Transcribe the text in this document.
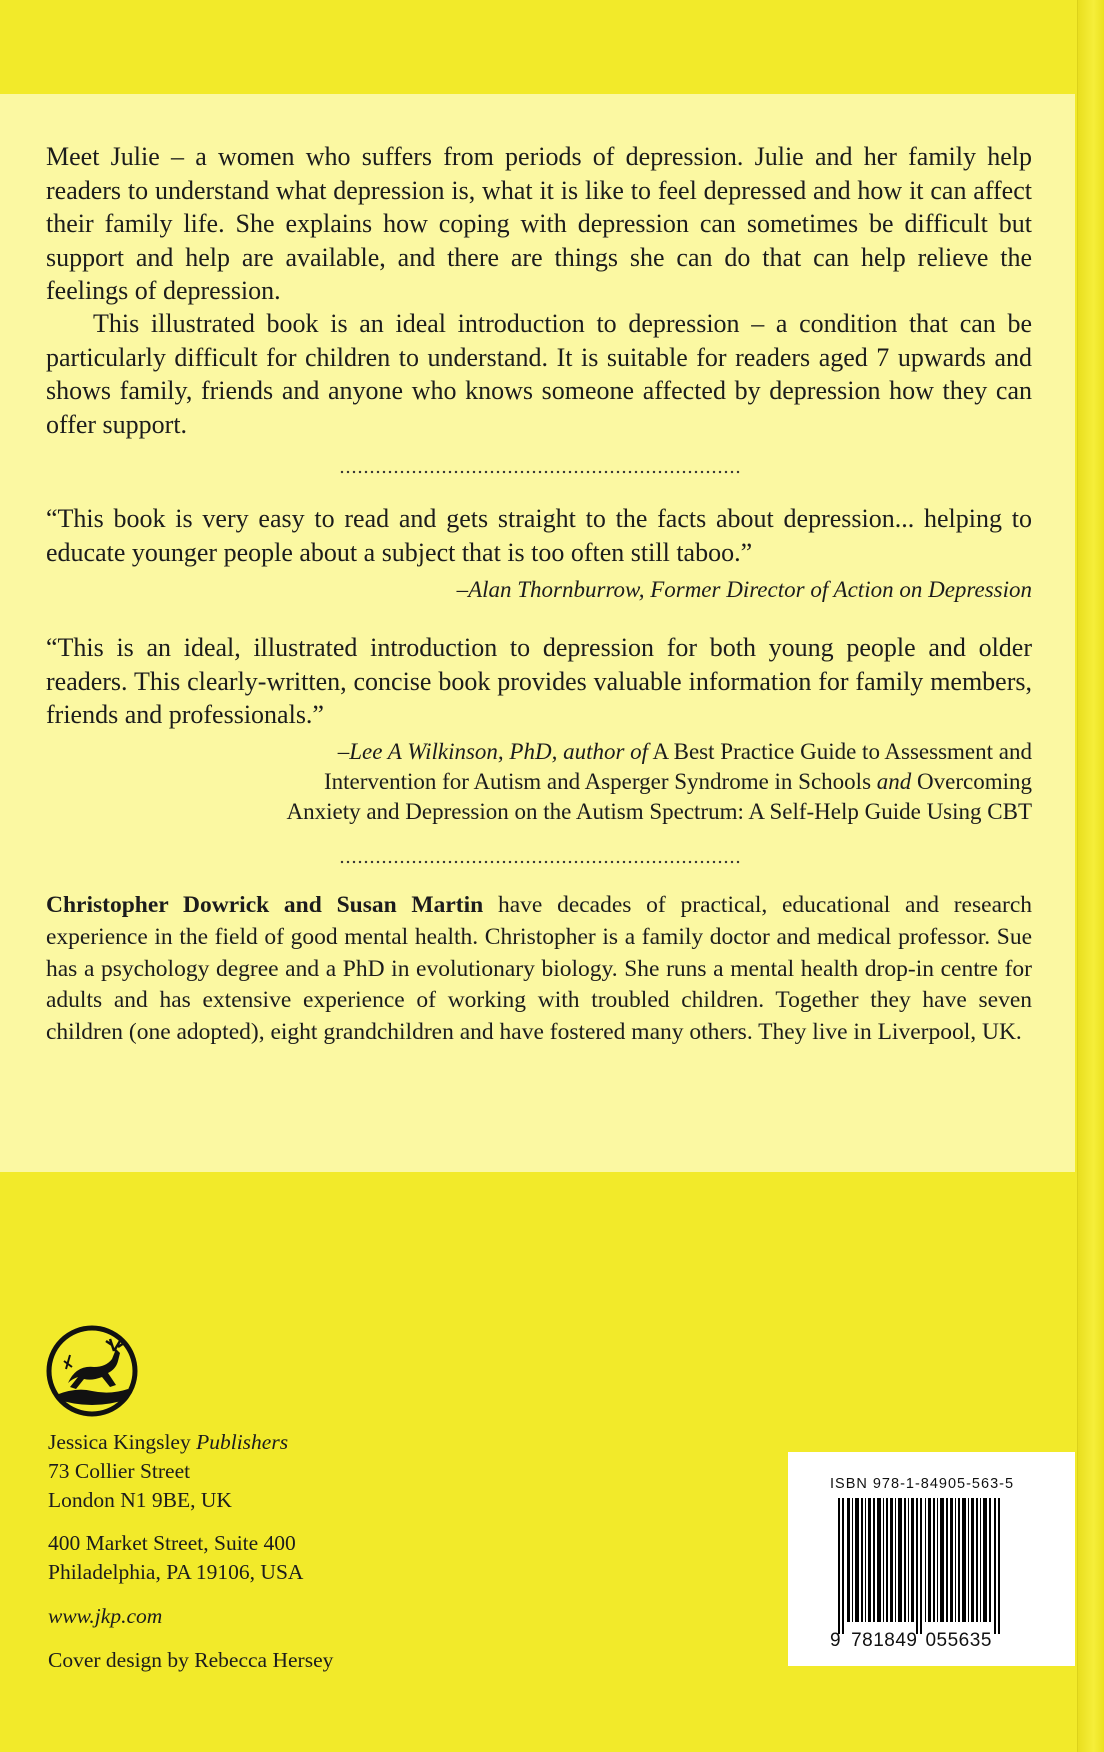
Meet Julie – a women who suffers from periods of depression. Julie and her family help readers to understand what depression is, what it is like to feel depressed and how it can affect their family life. She explains how coping with depression can sometimes be difficult but support and help are available, and there are things she can do that can help relieve the feelings of depression.

This illustrated book is an ideal introduction to depression – a condition that can be particularly difficult for children to understand. It is suitable for readers aged 7 upwards and shows family, friends and anyone who knows someone affected by depression how they can offer support.

“This book is very easy to read and gets straight to the facts about depression... helping to educate younger people about a subject that is too often still taboo.”

–Alan Thornburrow, Former Director of Action on Depression

“This is an ideal, illustrated introduction to depression for both young people and older readers. This clearly-written, concise book provides valuable information for family members, friends and professionals.”

–Lee A Wilkinson, PhD, author of A Best Practice Guide to Assessment and
Intervention for Autism and Asperger Syndrome in Schools and Overcoming
Anxiety and Depression on the Autism Spectrum: A Self-Help Guide Using CBT

Christopher Dowrick and Susan Martin have decades of practical, educational and research experience in the field of good mental health. Christopher is a family doctor and medical professor. Sue has a psychology degree and a PhD in evolutionary biology. She runs a mental health drop-in centre for adults and has extensive experience of working with troubled children. Together they have seven children (one adopted), eight grandchildren and have fostered many others. They live in Liverpool, UK.

Jessica Kingsley Publishers

73 Collier Street

London N1 9BE, UK

400 Market Street, Suite 400

Philadelphia, PA 19106, USA

www.jkp.com

Cover design by Rebecca Hersey

ISBN 978-1-84905-563-5
9 781849 055635
